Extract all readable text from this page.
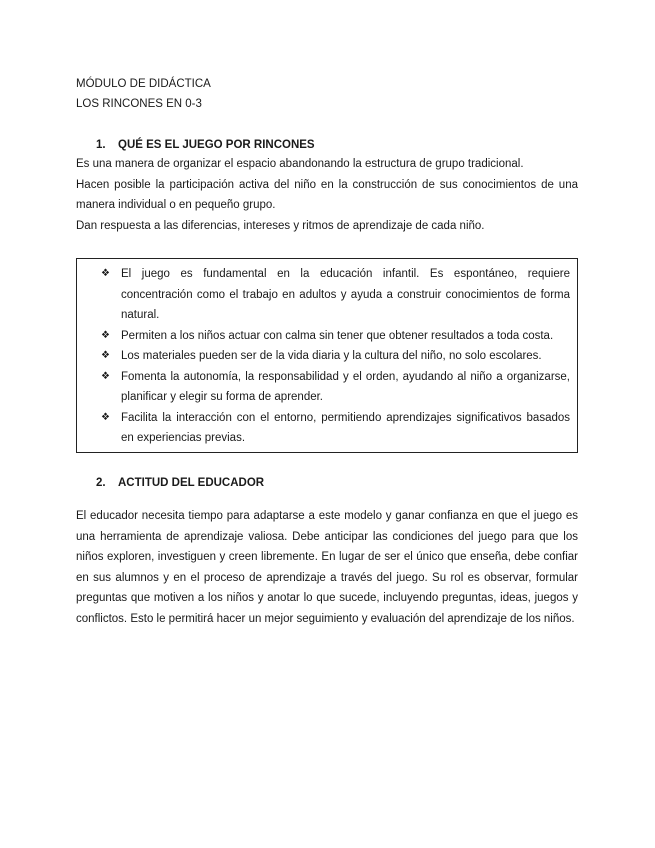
MÓDULO DE DIDÁCTICA
LOS RINCONES EN 0-3
1. QUÉ ES EL JUEGO POR RINCONES

Es una manera de organizar el espacio abandonando la estructura de grupo tradicional.

Hacen posible la participación activa del niño en la construcción de sus conocimientos de una manera individual o en pequeño grupo.

Dan respuesta a las diferencias, intereses y ritmos de aprendizaje de cada niño.

❖ El juego es fundamental en la educación infantil. Es espontáneo, requiere concentración como el trabajo en adultos y ayuda a construir conocimientos de forma natural.
❖ Permiten a los niños actuar con calma sin tener que obtener resultados a toda costa.
❖ Los materiales pueden ser de la vida diaria y la cultura del niño, no solo escolares.
❖ Fomenta la autonomía, la responsabilidad y el orden, ayudando al niño a organizarse, planificar y elegir su forma de aprender.
❖ Facilita la interacción con el entorno, permitiendo aprendizajes significativos basados en experiencias previas.
2. ACTITUD DEL EDUCADOR
El educador necesita tiempo para adaptarse a este modelo y ganar confianza en que el juego es una herramienta de aprendizaje valiosa. Debe anticipar las condiciones del juego para que los niños exploren, investiguen y creen libremente. En lugar de ser el único que enseña, debe confiar en sus alumnos y en el proceso de aprendizaje a través del juego. Su rol es observar, formular preguntas que motiven a los niños y anotar lo que sucede, incluyendo preguntas, ideas, juegos y conflictos. Esto le permitirá hacer un mejor seguimiento y evaluación del aprendizaje de los niños.
